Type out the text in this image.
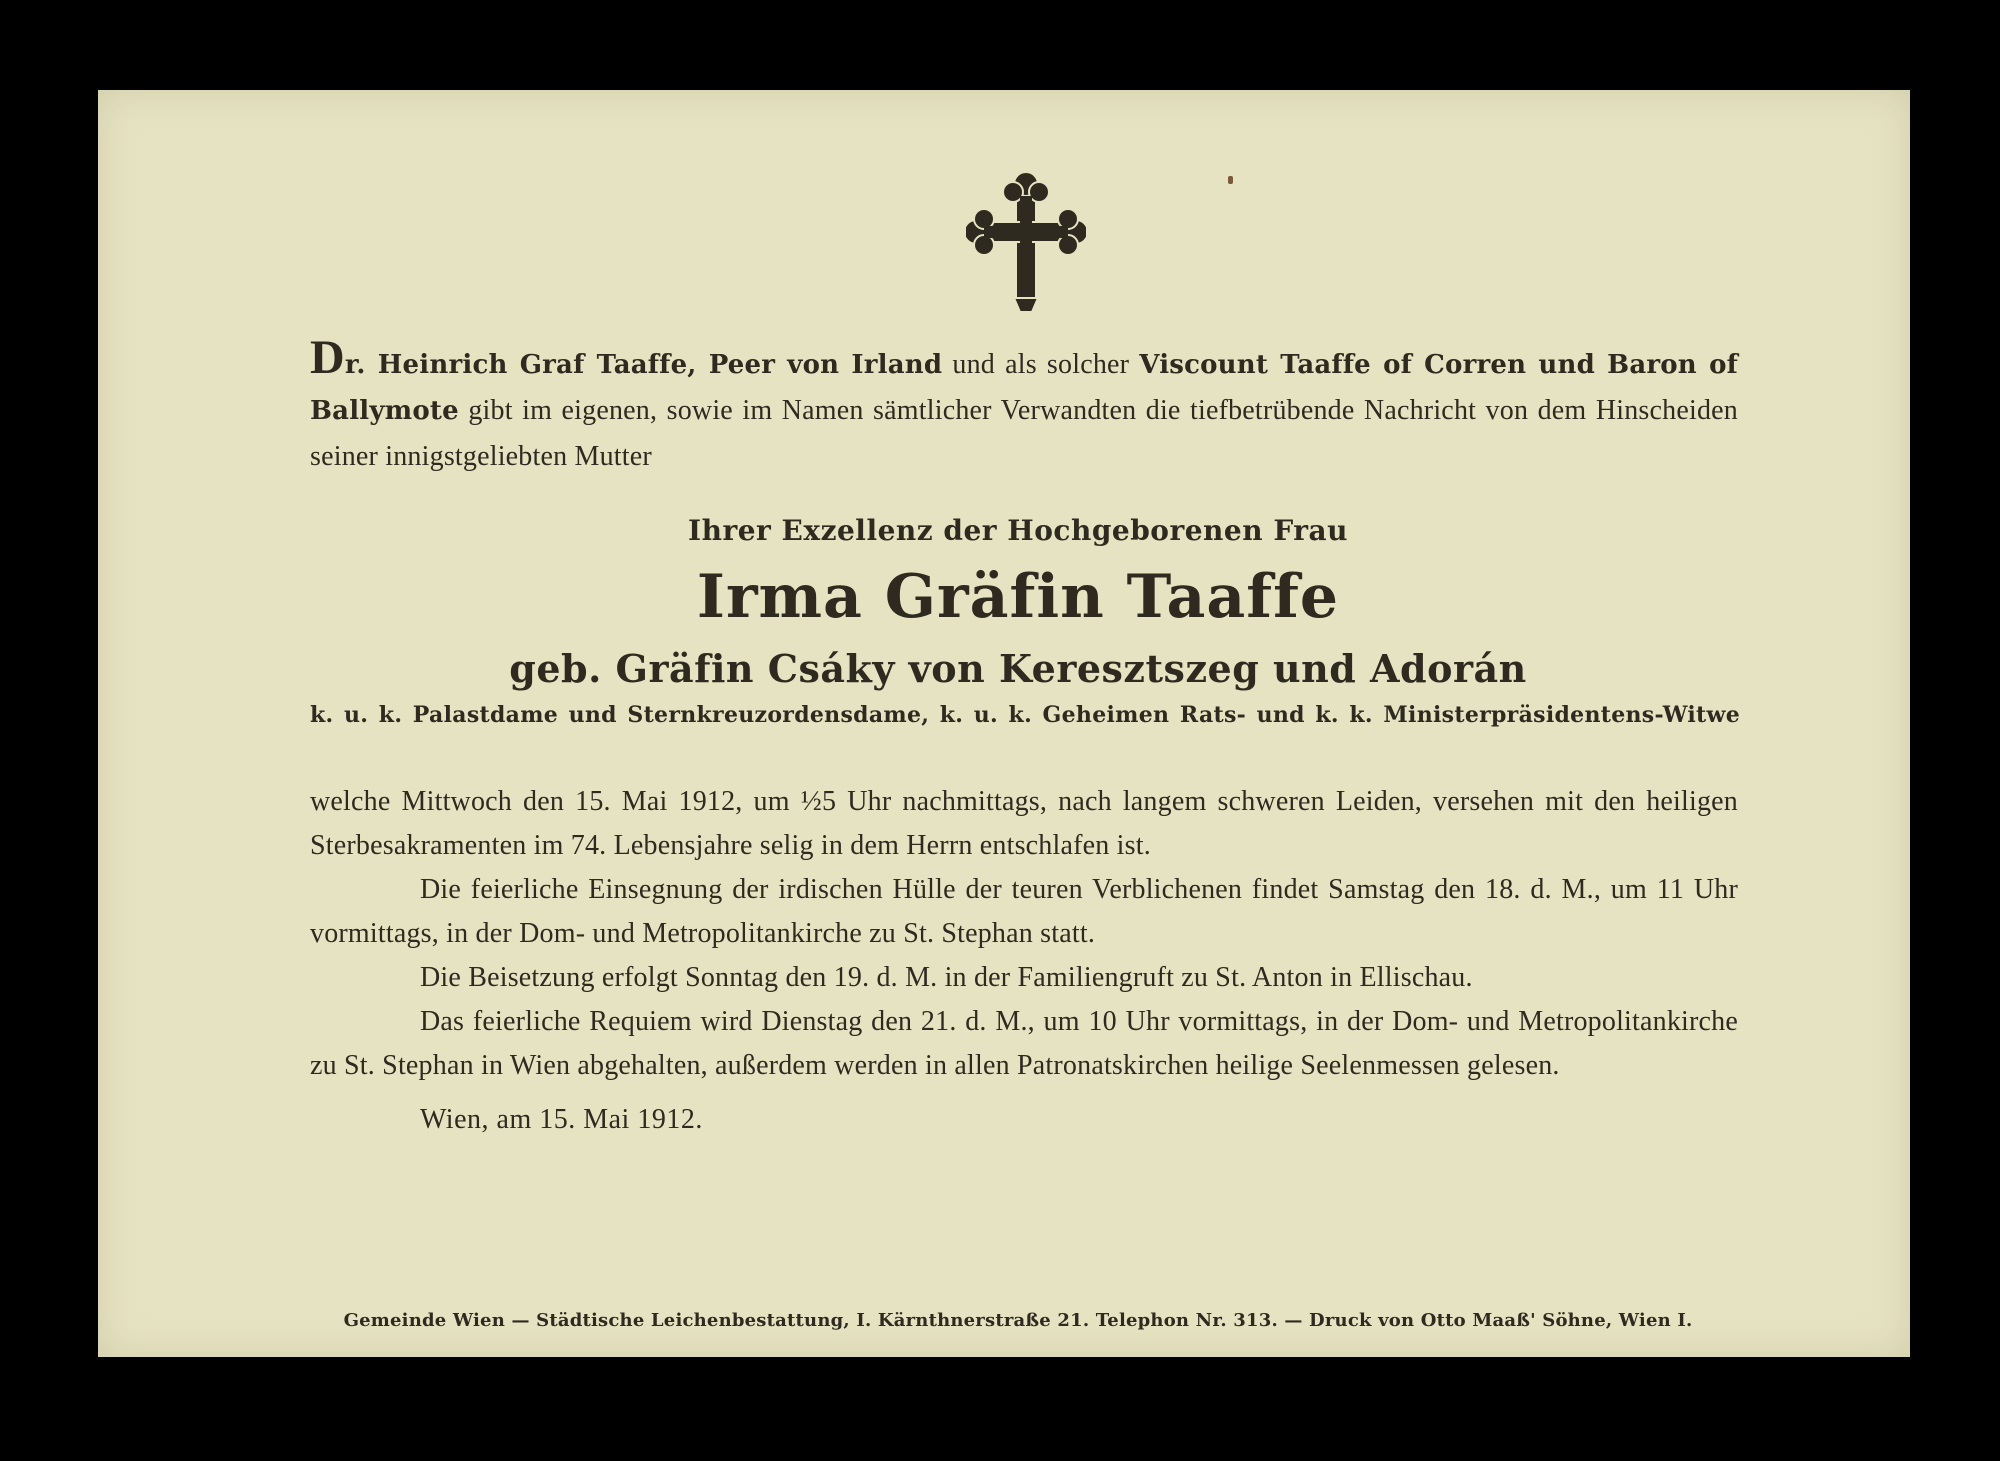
Dr. Heinrich Graf Taaffe, Peer von Irland und als solcher Viscount Taaffe of Corren und Baron of Ballymote gibt im eigenen, sowie im Namen sämtlicher Verwandten die tiefbetrübende Nachricht von dem Hinscheiden seiner innigstgeliebten Mutter
Ihrer Exzellenz der Hochgeborenen Frau
Irma Gräfin Taaffe
geb. Gräfin Csáky von Keresztszeg und Adorán
k. u. k. Palastdame und Sternkreuzordensdame, k. u. k. Geheimen Rats- und k. k. Ministerpräsidentens-Witwe

welche Mittwoch den 15. Mai 1912, um ½5 Uhr nachmittags, nach langem schweren Leiden, versehen mit den heiligen Sterbesakramenten im 74. Lebensjahre selig in dem Herrn entschlafen ist.

Die feierliche Einsegnung der irdischen Hülle der teuren Verblichenen findet Samstag den 18. d. M., um 11 Uhr vormittags, in der Dom- und Metropolitankirche zu St. Stephan statt.

Die Beisetzung erfolgt Sonntag den 19. d. M. in der Familiengruft zu St. Anton in Ellischau.

Das feierliche Requiem wird Dienstag den 21. d. M., um 10 Uhr vormittags, in der Dom- und Metropolitankirche zu St. Stephan in Wien abgehalten, außerdem werden in allen Patronatskirchen heilige Seelenmessen gelesen.

Wien, am 15. Mai 1912.
Gemeinde Wien — Städtische Leichenbestattung, I. Kärnthnerstraße 21. Telephon Nr. 313. — Druck von Otto Maaß' Söhne, Wien I.
